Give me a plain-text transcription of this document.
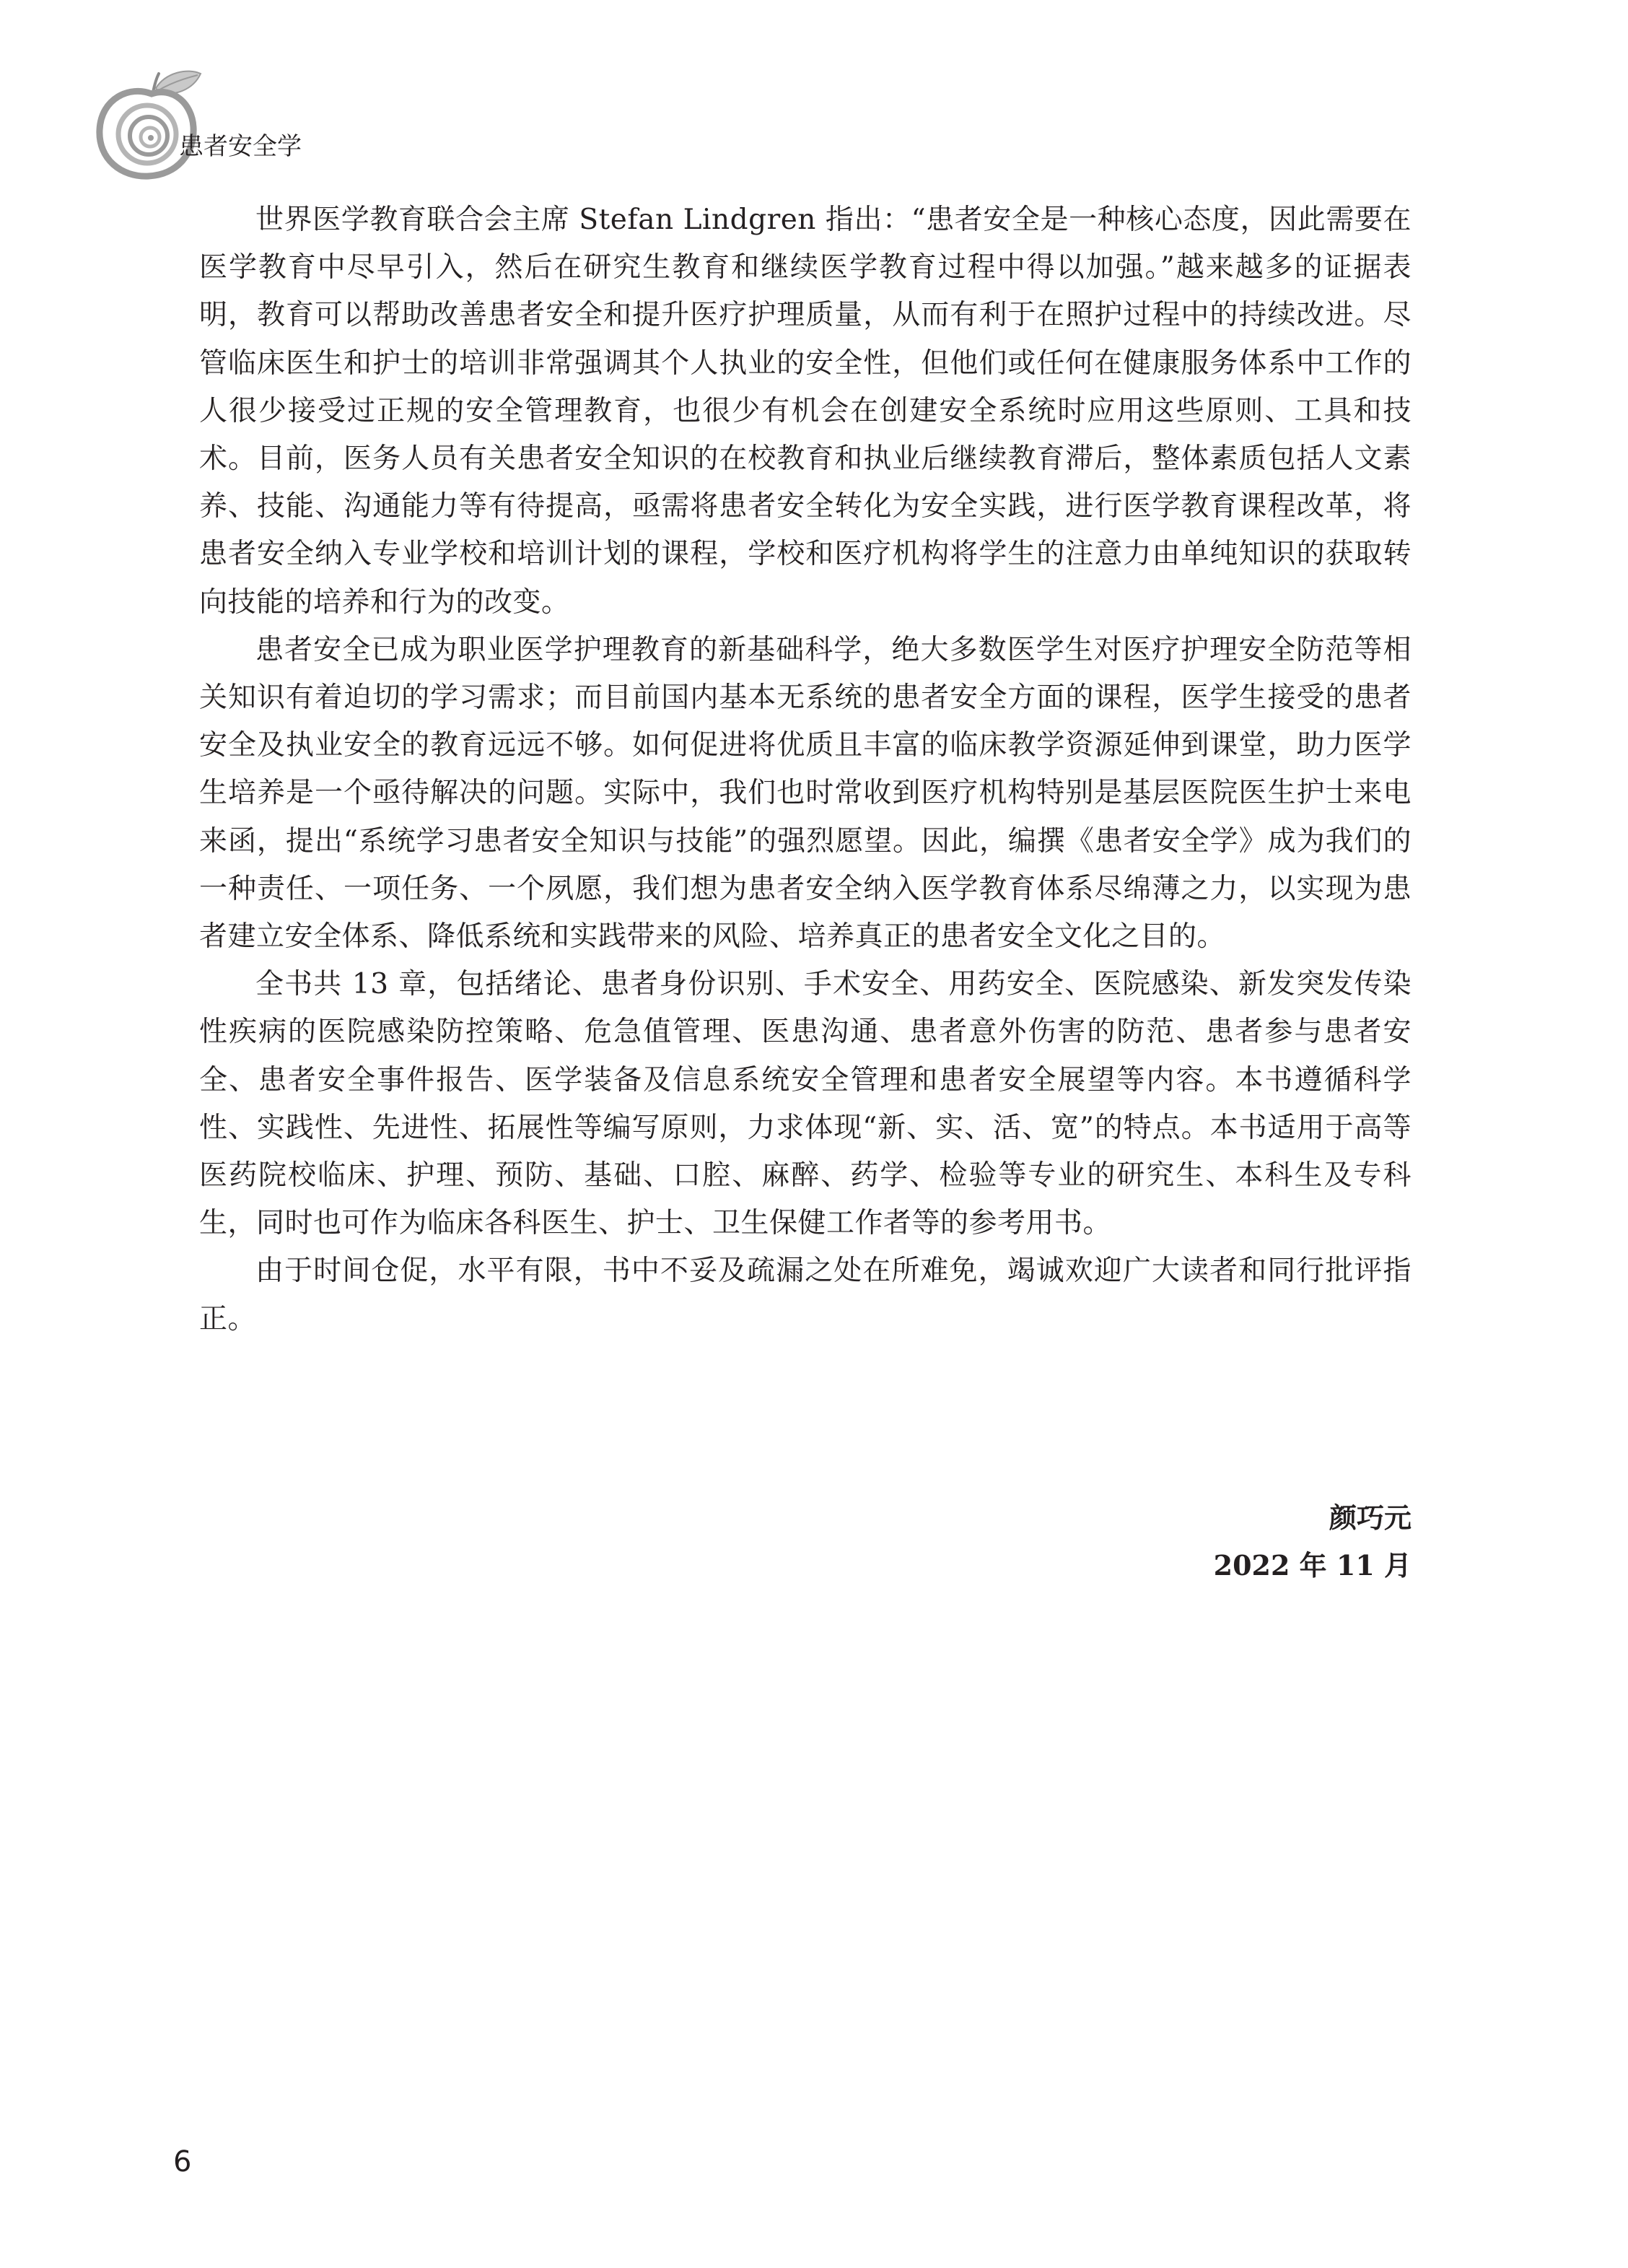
患者安全学

世界医学教育联合会主席 Stefan Lindgren 指出：“患者安全是一种核心态度，因此需要在医学教育中尽早引入，然后在研究生教育和继续医学教育过程中得以加强。”越来越多的证据表明，教育可以帮助改善患者安全和提升医疗护理质量，从而有利于在照护过程中的持续改进。尽管临床医生和护士的培训非常强调其个人执业的安全性，但他们或任何在健康服务体系中工作的人很少接受过正规的安全管理教育，也很少有机会在创建安全系统时应用这些原则、工具和技术。目前，医务人员有关患者安全知识的在校教育和执业后继续教育滞后，整体素质包括人文素养、技能、沟通能力等有待提高，亟需将患者安全转化为安全实践，进行医学教育课程改革，将患者安全纳入专业学校和培训计划的课程，学校和医疗机构将学生的注意力由单纯知识的获取转向技能的培养和行为的改变。

患者安全已成为职业医学护理教育的新基础科学，绝大多数医学生对医疗护理安全防范等相关知识有着迫切的学习需求；而目前国内基本无系统的患者安全方面的课程，医学生接受的患者安全及执业安全的教育远远不够。如何促进将优质且丰富的临床教学资源延伸到课堂，助力医学生培养是一个亟待解决的问题。实际中，我们也时常收到医疗机构特别是基层医院医生护士来电来函，提出“系统学习患者安全知识与技能”的强烈愿望。因此，编撰《患者安全学》成为我们的一种责任、一项任务、一个夙愿，我们想为患者安全纳入医学教育体系尽绵薄之力，以实现为患者建立安全体系、降低系统和实践带来的风险、培养真正的患者安全文化之目的。

全书共 13 章，包括绪论、患者身份识别、手术安全、用药安全、医院感染、新发突发传染性疾病的医院感染防控策略、危急值管理、医患沟通、患者意外伤害的防范、患者参与患者安全、患者安全事件报告、医学装备及信息系统安全管理和患者安全展望等内容。本书遵循科学性、实践性、先进性、拓展性等编写原则，力求体现“新、实、活、宽”的特点。本书适用于高等医药院校临床、护理、预防、基础、口腔、麻醉、药学、检验等专业的研究生、本科生及专科生，同时也可作为临床各科医生、护士、卫生保健工作者等的参考用书。

由于时间仓促，水平有限，书中不妥及疏漏之处在所难免，竭诚欢迎广大读者和同行批评指正。

颜巧元
2022 年 11 月
6
